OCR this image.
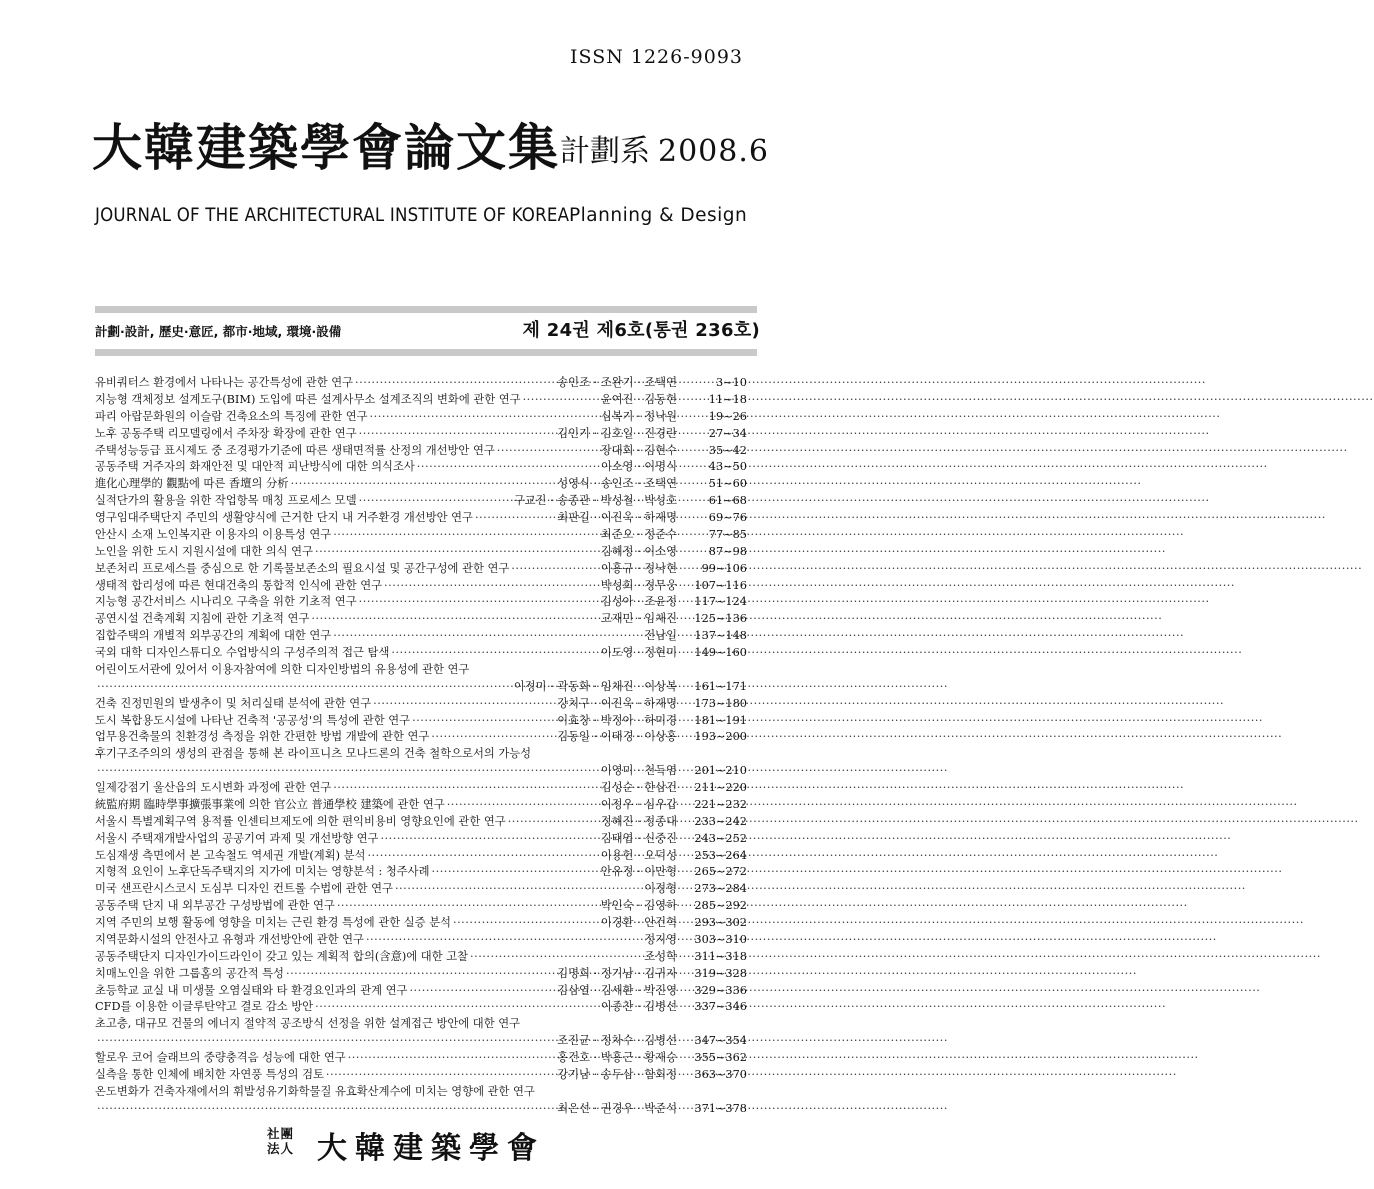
ISSN 1226-9093
大韓建築學會論文集 計劃系 2008.6
JOURNAL OF THE ARCHITECTURAL INSTITUTE OF KOREA Planning & Design
計劃·設計, 歷史·意匠, 都市·地域, 環境·設備	제 24권 제6호(통권 236호)
유비쿼터스 환경에서 나타나는 공간특성에 관한 연구 ·····	송인조 · 조완기 · 조택연	3~10
지능형 객체정보 설계도구(BIM) 도입에 따른 설계사무소 설계조직의 변화에 관한 연구 ·····	윤여진 · 김동현	11~18
파리 아랍문화원의 이슬람 건축요소의 특징에 관한 연구 ·····	심복기 · 정낙원	19~26
노후 공동주택 리모델링에서 주차장 확장에 관한 연구 ·····	김인기 · 김호일 · 진경란	27~34
주택성능등급 표시제도 중 조경평가기준에 따른 생태면적률 산정의 개선방안 연구 ·····	장대회 · 김현수	35~42
공동주택 거주자의 화재안전 및 대안적 피난방식에 대한 의식조사 ·····	이소영 · 이명식	43~50
進化心理學的 觀點에 따른 香壇의 分析 ·····	성영식 · 송인조 · 조택연	51~60
실적단가의 활용을 위한 작업항목 매칭 프로세스 모델 ·····	구교진 · 송종관 · 박성철 · 박성호	61~68
영구임대주택단지 주민의 생활양식에 근거한 단지 내 거주환경 개선방안 연구 ·····	최판길 · 이진욱 · 하재명	69~76
안산시 소재 노인복지관 이용자의 이용특성 연구 ·····	최준오 · 정준수	77~85
노인을 위한 도시 지원시설에 대한 의식 연구 ·····	김혜정 · 이소영	87~98
보존처리 프로세스를 중심으로 한 기록물보존소의 필요시설 및 공간구성에 관한 연구 ·····	이홍규 · 정낙현	99~106
생태적 합리성에 따른 현대건축의 통합적 인식에 관한 연구 ·····	박성희 · 정무웅	107~116
지능형 공간서비스 시나리오 구축을 위한 기초적 연구 ·····	김성아 · 조윤정	117~124
공연시설 건축계획 지침에 관한 기초적 연구 ·····	고재민 · 임채진	125~136
집합주택의 개별적 외부공간의 계획에 대한 연구 ·····	전남일	137~148
국외 대학 디자인스튜디오 수업방식의 구성주의적 접근 탐색 ·····	이도영 · 정현미	149~160
어린이도서관에 있어서 이용자참여에 의한 디자인방법의 유용성에 관한 연구
·····
이정미 · 곽동화 · 임채진 · 이상복	161~171
건축 진정민원의 발생추이 및 처리실태 분석에 관한 연구 ·····	강치구 · 이진욱 · 하재명	173~180
도시 복합용도시설에 나타난 건축적 '공공성'의 특성에 관한 연구 ·····	이효창 · 박정아 · 하미경	181~191
업무용건축물의 친환경성 측정을 위한 간편한 방법 개발에 관한 연구 ·····	김동일 · 이태경 · 이상홍	193~200
후기구조주의의 생성의 관점을 통해 본 라이프니츠 모나드론의 건축 철학으로서의 가능성
·····
이영미 · 천득염	201~210
일제강점기 울산읍의 도시변화 과정에 관한 연구 ·····	김성순 · 한삼건	211~220
統監府期 臨時學事擴張事業에 의한 官公立 普通學校 建築에 관한 연구 ·····	이정우 · 심우갑	221~232
서울시 특별계획구역 용적률 인센티브제도에 의한 편익비용비 영향요인에 관한 연구 ·····	정혜진 · 정종대	233~242
서울시 주택재개발사업의 공공기여 과제 및 개선방향 연구 ·····	김태엽 · 신중진	243~252
도심재생 측면에서 본 고속철도 역세권 개발(계획) 분석 ·····	이용헌 · 오덕성	253~264
지형적 요인이 노후단독주택지의 지가에 미치는 영향분석 : 청주사례 ·····	안유정 · 이만형	265~272
미국 샌프란시스코시 도심부 디자인 컨트롤 수법에 관한 연구 ·····	이정형	273~284
공동주택 단지 내 외부공간 구성방법에 관한 연구 ·····	박인숙 · 김영하	285~292
지역 주민의 보행 활동에 영향을 미치는 근린 환경 특성에 관한 실증 분석 ·····	이경환 · 안건혁	293~302
지역문화시설의 안전사고 유형과 개선방안에 관한 연구 ·····	정지영	303~310
공동주택단지 디자인가이드라인이 갖고 있는 계획적 합의(含意)에 대한 고찰 ·····	조성학	311~318
치매노인을 위한 그룹홈의 공간적 특성 ·····	김명희 · 정기남 · 김귀자	319~328
초등학교 교실 내 미생물 오염실태와 타 환경요인과의 관계 연구 ·····	김삼열 · 김세환 · 박진영	329~336
CFD를 이용한 이글루탄약고 결로 감소 방안 ·····	이종찬 · 김병선	337~346
초고층, 대규모 건물의 에너지 절약적 공조방식 선정을 위한 설계접근 방안에 대한 연구
·····
조진균 · 정차수 · 김병선	347~354
할로우 코어 슬래브의 중량충격음 성능에 대한 연구 ·····	홍건호 · 박홍근 · 황재승	355~362
실측을 통한 인체에 배치한 자연풍 특성의 검토 ·····	강기남 · 송두삼 · 함회정	363~370
온도변화가 건축자재에서의 휘발성유기화학물질 유효확산계수에 미치는 영향에 관한 연구
·····
최은선 · 권경우 · 박준석	371~378
社團法人 大韓建築學會
